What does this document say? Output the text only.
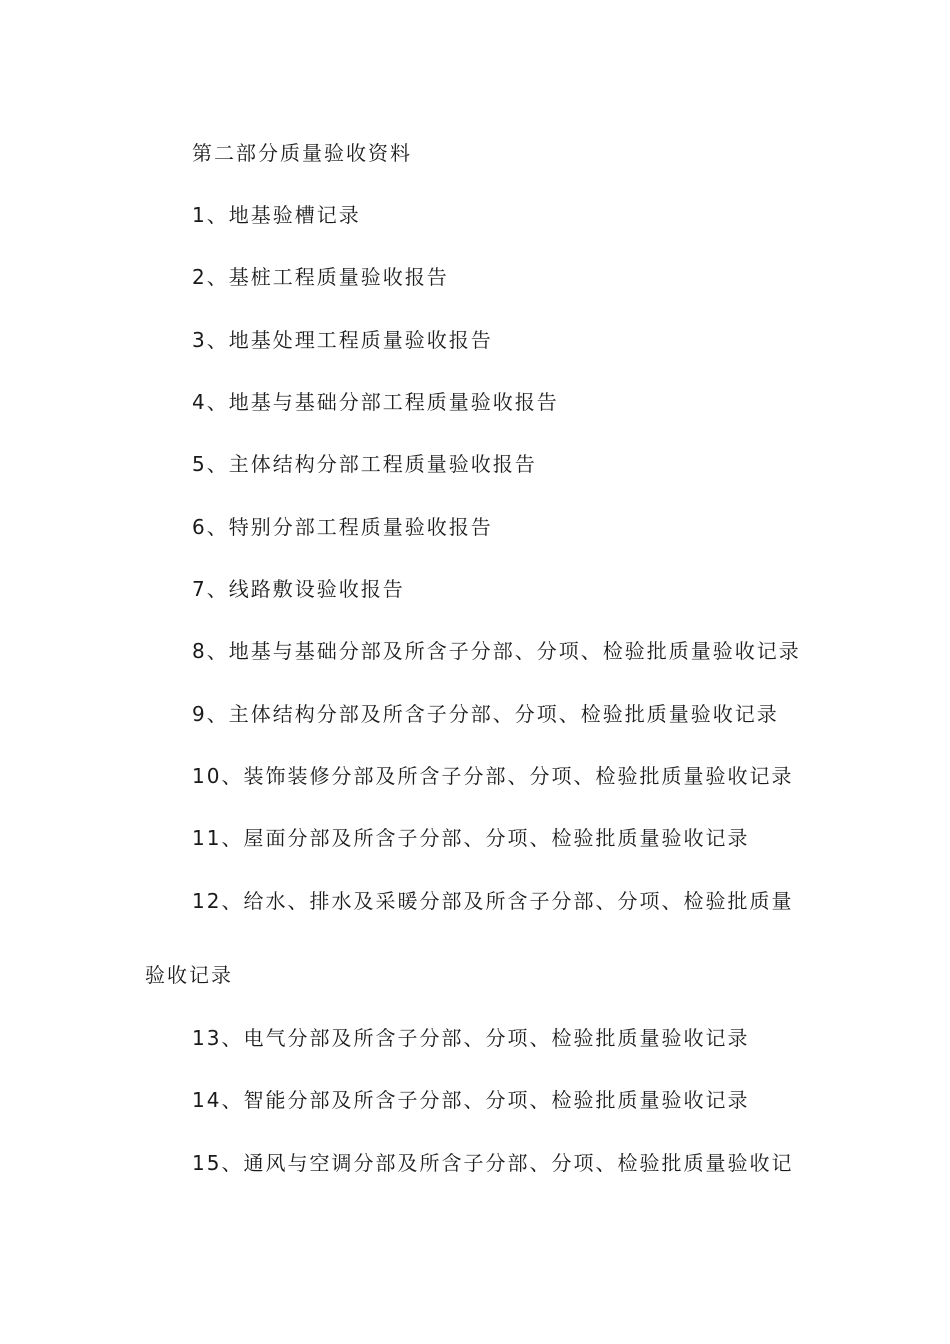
第二部分质量验收资料
1、地基验槽记录
2、基桩工程质量验收报告
3、地基处理工程质量验收报告
4、地基与基础分部工程质量验收报告
5、主体结构分部工程质量验收报告
6、特别分部工程质量验收报告
7、线路敷设验收报告
8、地基与基础分部及所含子分部、分项、检验批质量验收记录
9、主体结构分部及所含子分部、分项、检验批质量验收记录
10、装饰装修分部及所含子分部、分项、检验批质量验收记录
11、屋面分部及所含子分部、分项、检验批质量验收记录
12、给水、排水及采暖分部及所含子分部、分项、检验批质量
验收记录
13、电气分部及所含子分部、分项、检验批质量验收记录
14、智能分部及所含子分部、分项、检验批质量验收记录
15、通风与空调分部及所含子分部、分项、检验批质量验收记
